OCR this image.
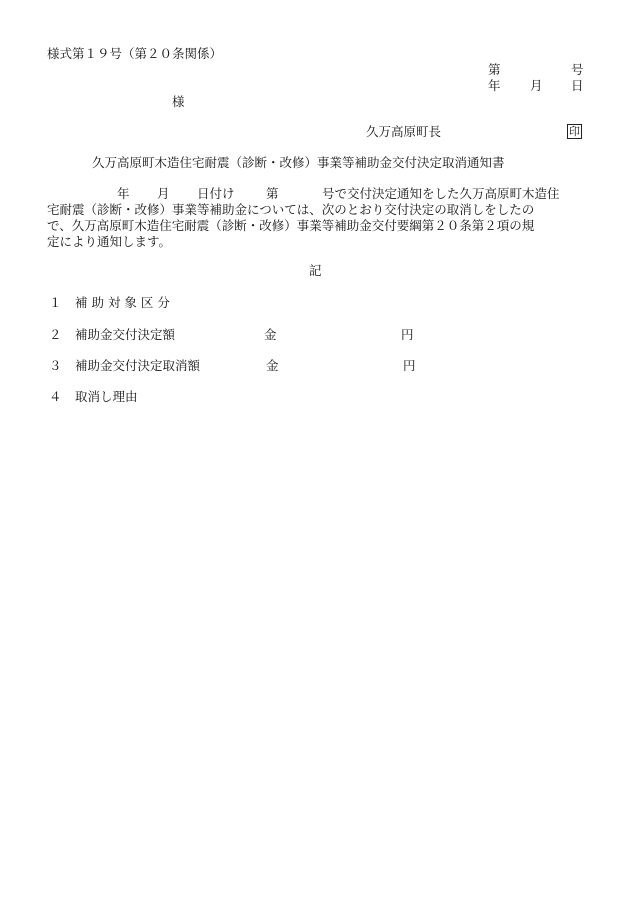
様式第１９号（第２０条関係）
第	号
年 月 日
様
久万高原町長	印
久万高原町木造住宅耐震（診断・改修）事業等補助金交付決定取消通知書
年 月 日付け	第	号で交付決定通知をした久万高原町木造住
宅耐震（診断・改修）事業等補助金については、次のとおり交付決定の取消しをしたの
で、久万高原町木造住宅耐震（診断・改修）事業等補助金交付要綱第２０条第２項の規
定により通知します。
記
１ 補 助 対 象 区 分
２ 補助金交付決定額	金	円
３ 補助金交付決定取消額	金	円
４ 取消し理由
